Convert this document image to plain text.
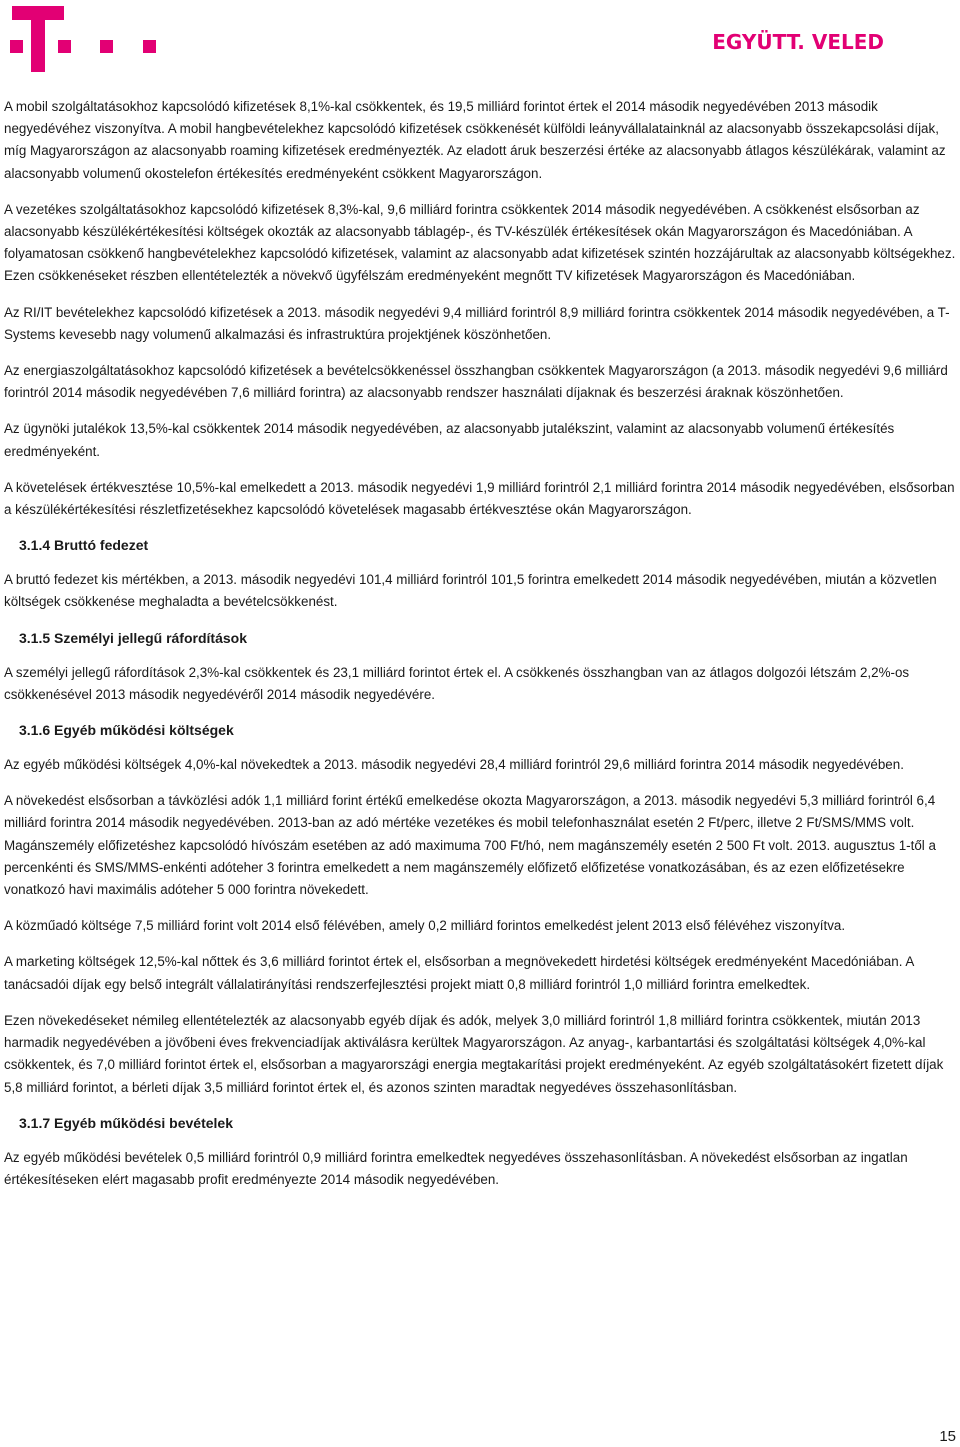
EGYÜTT. VELED

A mobil szolgáltatásokhoz kapcsolódó kifizetések 8,1%-kal csökkentek, és 19,5 milliárd forintot értek el 2014 második negyedévében 2013 második negyedévéhez viszonyítva. A mobil hangbevételekhez kapcsolódó kifizetések csökkenését külföldi leányvállalatainknál az alacsonyabb összekapcsolási díjak, míg Magyarországon az alacsonyabb roaming kifizetések eredményezték. Az eladott áruk beszerzési értéke az alacsonyabb átlagos készülékárak, valamint az alacsonyabb volumenű okostelefon értékesítés eredményeként csökkent Magyarországon.

A vezetékes szolgáltatásokhoz kapcsolódó kifizetések 8,3%-kal, 9,6 milliárd forintra csökkentek 2014 második negyedévében. A csökkenést elsősorban az alacsonyabb készülékértékesítési költségek okozták az alacsonyabb táblagép-, és TV-készülék értékesítések okán Magyarországon és Macedóniában. A folyamatosan csökkenő hangbevételekhez kapcsolódó kifizetések, valamint az alacsonyabb adat kifizetések szintén hozzájárultak az alacsonyabb költségekhez. Ezen csökkenéseket részben ellentételezték a növekvő ügyfélszám eredményeként megnőtt TV kifizetések Magyarországon és Macedóniában.

Az RI/IT bevételekhez kapcsolódó kifizetések a 2013. második negyedévi 9,4 milliárd forintról 8,9 milliárd forintra csökkentek 2014 második negyedévében, a T-Systems kevesebb nagy volumenű alkalmazási és infrastruktúra projektjének köszönhetően.

Az energiaszolgáltatásokhoz kapcsolódó kifizetések a bevételcsökkenéssel összhangban csökkentek Magyarországon (a 2013. második negyedévi 9,6 milliárd forintról 2014 második negyedévében 7,6 milliárd forintra) az alacsonyabb rendszer használati díjaknak és beszerzési áraknak köszönhetően.

Az ügynöki jutalékok 13,5%-kal csökkentek 2014 második negyedévében, az alacsonyabb jutalékszint, valamint az alacsonyabb volumenű értékesítés eredményeként.

A követelések értékvesztése 10,5%-kal emelkedett a 2013. második negyedévi 1,9 milliárd forintról 2,1 milliárd forintra 2014 második negyedévében, elsősorban a készülékértékesítési részletfizetésekhez kapcsolódó követelések magasabb értékvesztése okán Magyarországon.

3.1.4 Bruttó fedezet

A bruttó fedezet kis mértékben, a 2013. második negyedévi 101,4 milliárd forintról 101,5 forintra emelkedett 2014 második negyedévében, miután a közvetlen költségek csökkenése meghaladta a bevételcsökkenést.

3.1.5 Személyi jellegű ráfordítások

A személyi jellegű ráfordítások 2,3%-kal csökkentek és 23,1 milliárd forintot értek el. A csökkenés összhangban van az átlagos dolgozói létszám 2,2%-os csökkenésével 2013 második negyedévéről 2014 második negyedévére.

3.1.6 Egyéb működési költségek

Az egyéb működési költségek 4,0%-kal növekedtek a 2013. második negyedévi 28,4 milliárd forintról 29,6 milliárd forintra 2014 második negyedévében.

A növekedést elsősorban a távközlési adók 1,1 milliárd forint értékű emelkedése okozta Magyarországon, a 2013. második negyedévi 5,3 milliárd forintról 6,4 milliárd forintra 2014 második negyedévében. 2013-ban az adó mértéke vezetékes és mobil telefonhasználat esetén 2 Ft/perc, illetve 2 Ft/SMS/MMS volt. Magánszemély előfizetéshez kapcsolódó hívószám esetében az adó maximuma 700 Ft/hó, nem magánszemély esetén 2 500 Ft volt. 2013. augusztus 1-től a percenkénti és SMS/MMS-enkénti adóteher 3 forintra emelkedett a nem magánszemély előfizető előfizetése vonatkozásában, és az ezen előfizetésekre vonatkozó havi maximális adóteher 5 000 forintra növekedett.

A közműadó költsége 7,5 milliárd forint volt 2014 első félévében, amely 0,2 milliárd forintos emelkedést jelent 2013 első félévéhez viszonyítva.

A marketing költségek 12,5%-kal nőttek és 3,6 milliárd forintot értek el, elsősorban a megnövekedett hirdetési költségek eredményeként Macedóniában. A tanácsadói díjak egy belső integrált vállalatirányítási rendszerfejlesztési projekt miatt 0,8 milliárd forintról 1,0 milliárd forintra emelkedtek.

Ezen növekedéseket némileg ellentételezték az alacsonyabb egyéb díjak és adók, melyek 3,0 milliárd forintról 1,8 milliárd forintra csökkentek, miután 2013 harmadik negyedévében a jövőbeni éves frekvenciadíjak aktiválásra kerültek Magyarországon. Az anyag-, karbantartási és szolgáltatási költségek 4,0%-kal csökkentek, és 7,0 milliárd forintot értek el, elsősorban a magyarországi energia megtakarítási projekt eredményeként. Az egyéb szolgáltatásokért fizetett díjak 5,8 milliárd forintot, a bérleti díjak 3,5 milliárd forintot értek el, és azonos szinten maradtak negyedéves összehasonlításban.

3.1.7 Egyéb működési bevételek

Az egyéb működési bevételek 0,5 milliárd forintról 0,9 milliárd forintra emelkedtek negyedéves összehasonlításban. A növekedést elsősorban az ingatlan értékesítéseken elért magasabb profit eredményezte 2014 második negyedévében.

15
